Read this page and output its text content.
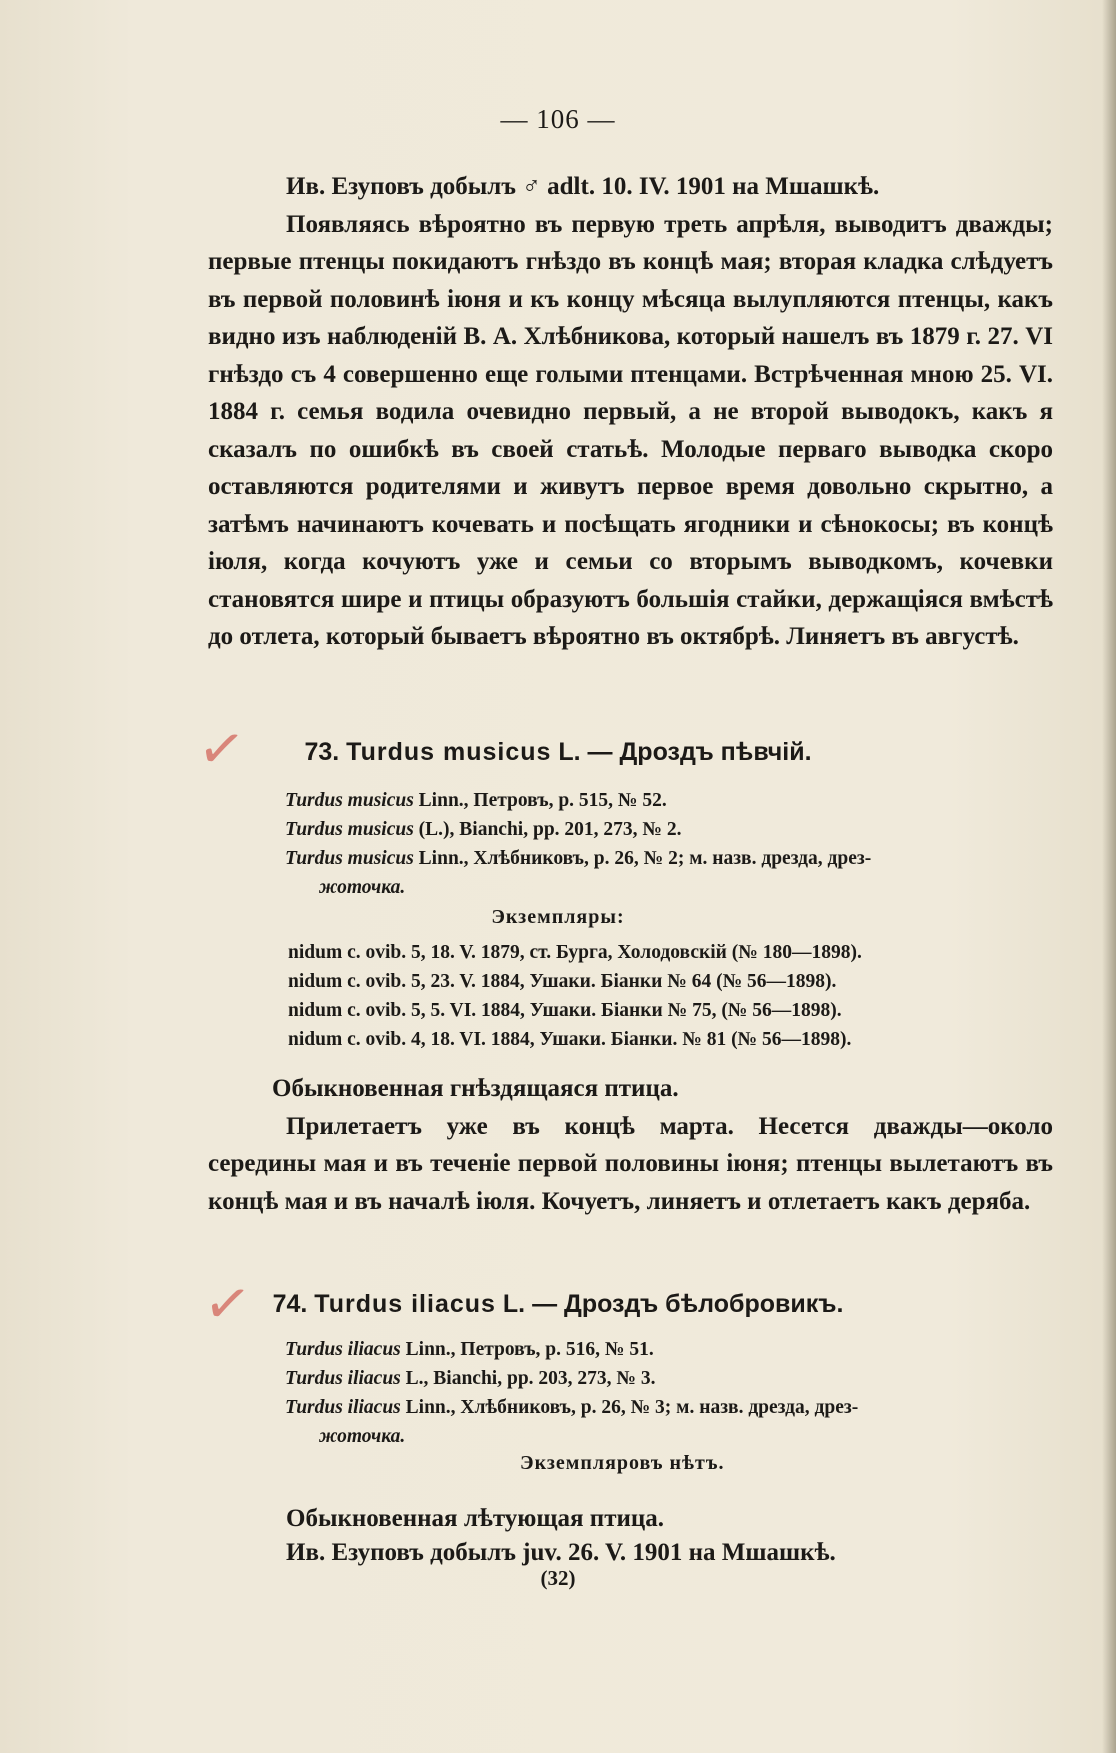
— 106 —

Ив. Езуповъ добылъ ♂ adlt. 10. IV. 1901 на Мшашкѣ.

Появляясь вѣроятно въ первую треть апрѣля, выводитъ дважды; первые птенцы покидаютъ гнѣздо въ концѣ мая; вторая кладка слѣдуетъ въ первой половинѣ іюня и къ концу мѣсяца вылупляются птенцы, какъ видно изъ наблюденій В. А. Хлѣбникова, который нашелъ въ 1879 г. 27. VI гнѣздо съ 4 совершенно еще голыми птенцами. Встрѣченная мною 25. VI. 1884 г. семья водила очевидно первый, а не второй выводокъ, какъ я сказалъ по ошибкѣ въ своей статьѣ. Молодые перваго выводка скоро оставляются родителями и живутъ первое время довольно скрытно, а затѣмъ начинаютъ кочевать и посѣщать ягодники и сѣнокосы; въ концѣ іюля, когда кочуютъ уже и семьи со вторымъ выводкомъ, кочевки становятся шире и птицы образуютъ большія стайки, держащіяся вмѣстѣ до отлета, который бываетъ вѣроятно въ октябрѣ. Линяетъ въ августѣ.

✓	73. Turdus musicus L. — Дроздъ пѣвчій.
Turdus musicus Linn., Петровъ, p. 515, № 52.
Turdus musicus (L.), Bianchi, pp. 201, 273, № 2.
Turdus musicus Linn., Хлѣбниковъ, p. 26, № 2; м. назв. дрезда, дрез-
жоточка.
Экземпляры:
nidum c. ovib. 5, 18. V. 1879, ст. Бурга, Холодовскій (№ 180—1898).
nidum c. ovib. 5, 23. V. 1884, Ушаки. Біанки № 64 (№ 56—1898).
nidum c. ovib. 5, 5. VI. 1884, Ушаки. Біанки № 75, (№ 56—1898).
nidum c. ovib. 4, 18. VI. 1884, Ушаки. Біанки. № 81 (№ 56—1898).

Обыкновенная гнѣздящаяся птица.

Прилетаетъ уже въ концѣ марта. Несется дважды—около середины мая и въ теченіе первой половины іюня; птенцы вылетаютъ въ концѣ мая и въ началѣ іюля. Кочуетъ, линяетъ и отлетаетъ какъ деряба.

✓ 74. Turdus iliacus L. — Дроздъ бѣлобровикъ.
Turdus iliacus Linn., Петровъ, p. 516, № 51.
Turdus iliacus L., Bianchi, pp. 203, 273, № 3.
Turdus iliacus Linn., Хлѣбниковъ, p. 26, № 3; м. назв. дрезда, дрез-
жоточка.
Экземпляровъ нѣтъ.

Обыкновенная лѣтующая птица.

Ив. Езуповъ добылъ juv. 26. V. 1901 на Мшашкѣ.

(32)
